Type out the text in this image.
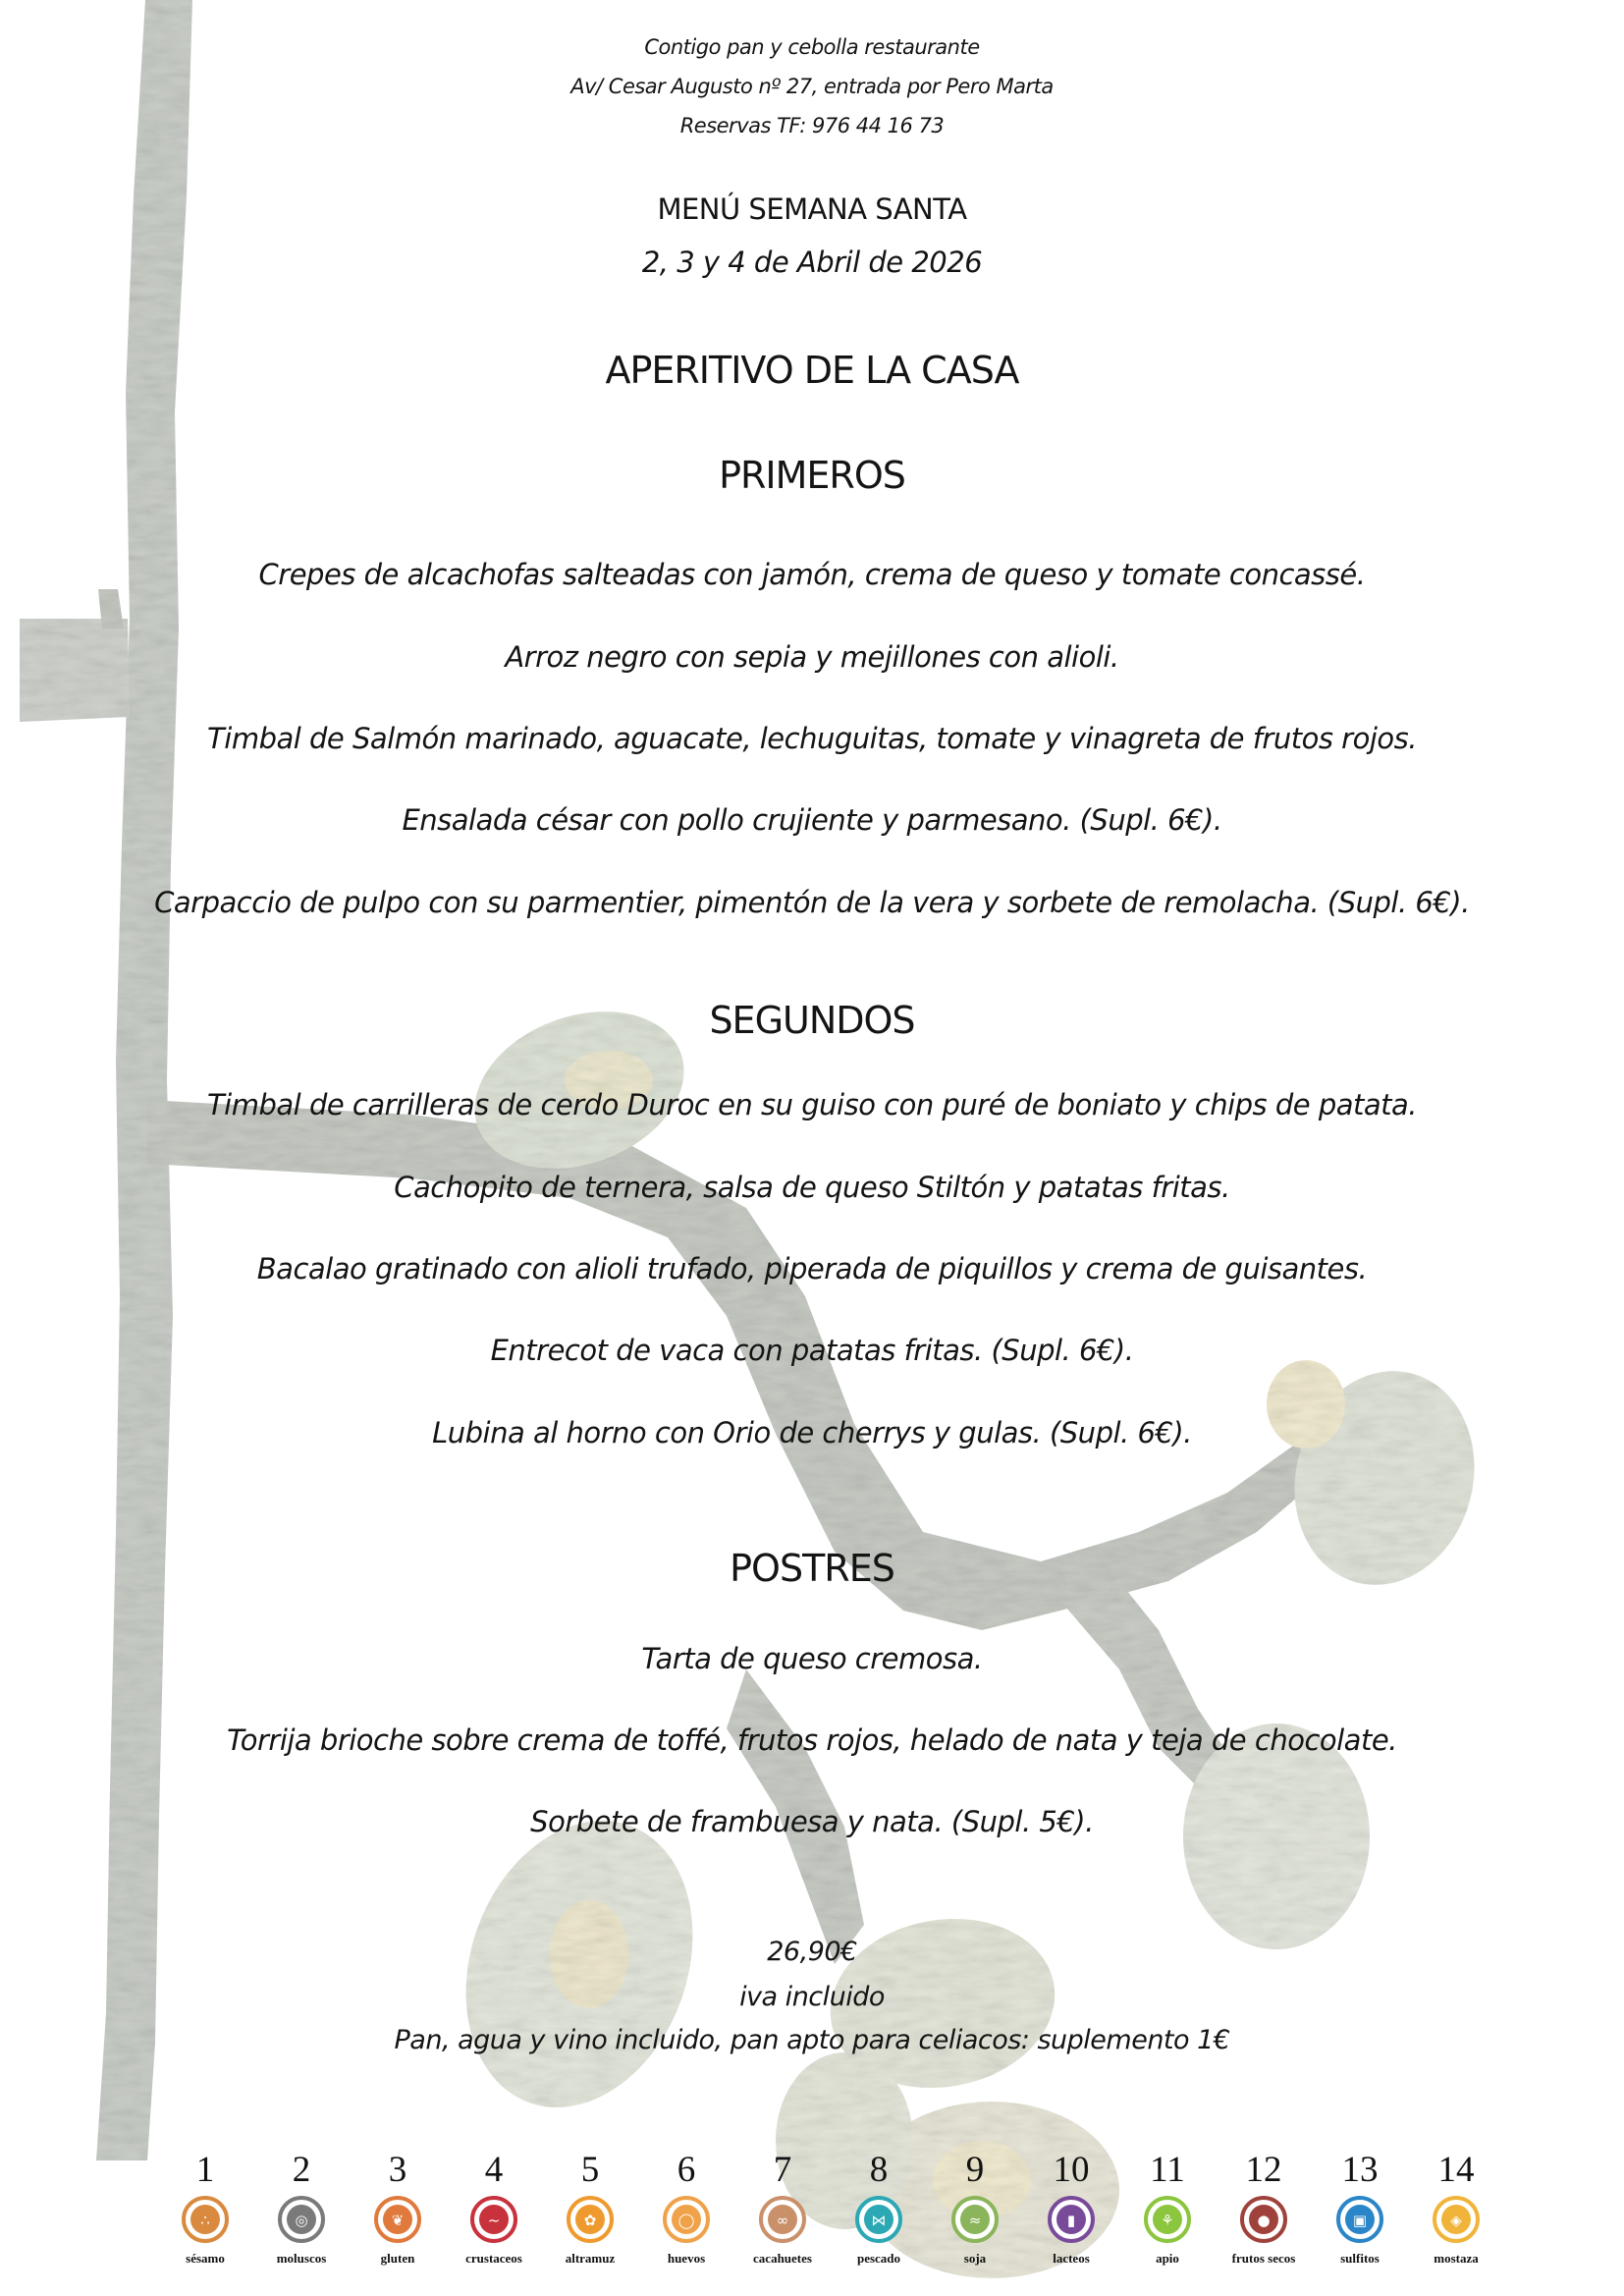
Contigo pan y cebolla restaurante
Av/ Cesar Augusto nº 27, entrada por Pero Marta
Reservas TF: 976 44 16 73
MENÚ SEMANA SANTA
2, 3 y 4 de Abril de 2026
APERITIVO DE LA CASA
PRIMEROS
Crepes de alcachofas salteadas con jamón, crema de queso y tomate concassé.
Arroz negro con sepia y mejillones con alioli.
Timbal de Salmón marinado, aguacate, lechuguitas, tomate y vinagreta de frutos rojos.
Ensalada césar con pollo crujiente y parmesano. (Supl. 6€).
Carpaccio de pulpo con su parmentier, pimentón de la vera y sorbete de remolacha. (Supl. 6€).
SEGUNDOS
Timbal de carrilleras de cerdo Duroc en su guiso con puré de boniato y chips de patata.
Cachopito de ternera, salsa de queso Stiltón y patatas fritas.
Bacalao gratinado con alioli trufado, piperada de piquillos y crema de guisantes.
Entrecot de vaca con patatas fritas. (Supl. 6€).
Lubina al horno con Orio de cherrys y gulas. (Supl. 6€).
POSTRES
Tarta de queso cremosa.
Torrija brioche sobre crema de toffé, frutos rojos, helado de nata y teja de chocolate.
Sorbete de frambuesa y nata. (Supl. 5€).
26,90€
iva incluido
Pan, agua y vino incluido, pan apto para celiacos: suplemento 1€
1
∴
sésamo
2
◎
moluscos
3
❦
gluten
4
~
crustaceos
5
✿
altramuz
6
◯
huevos
7
∞
cacahuetes
8
⋈
pescado
9
≈
soja
10
▮
lacteos
11
⚘
apio
12
●
frutos secos
13
▣
sulfitos
14
◈
mostaza
